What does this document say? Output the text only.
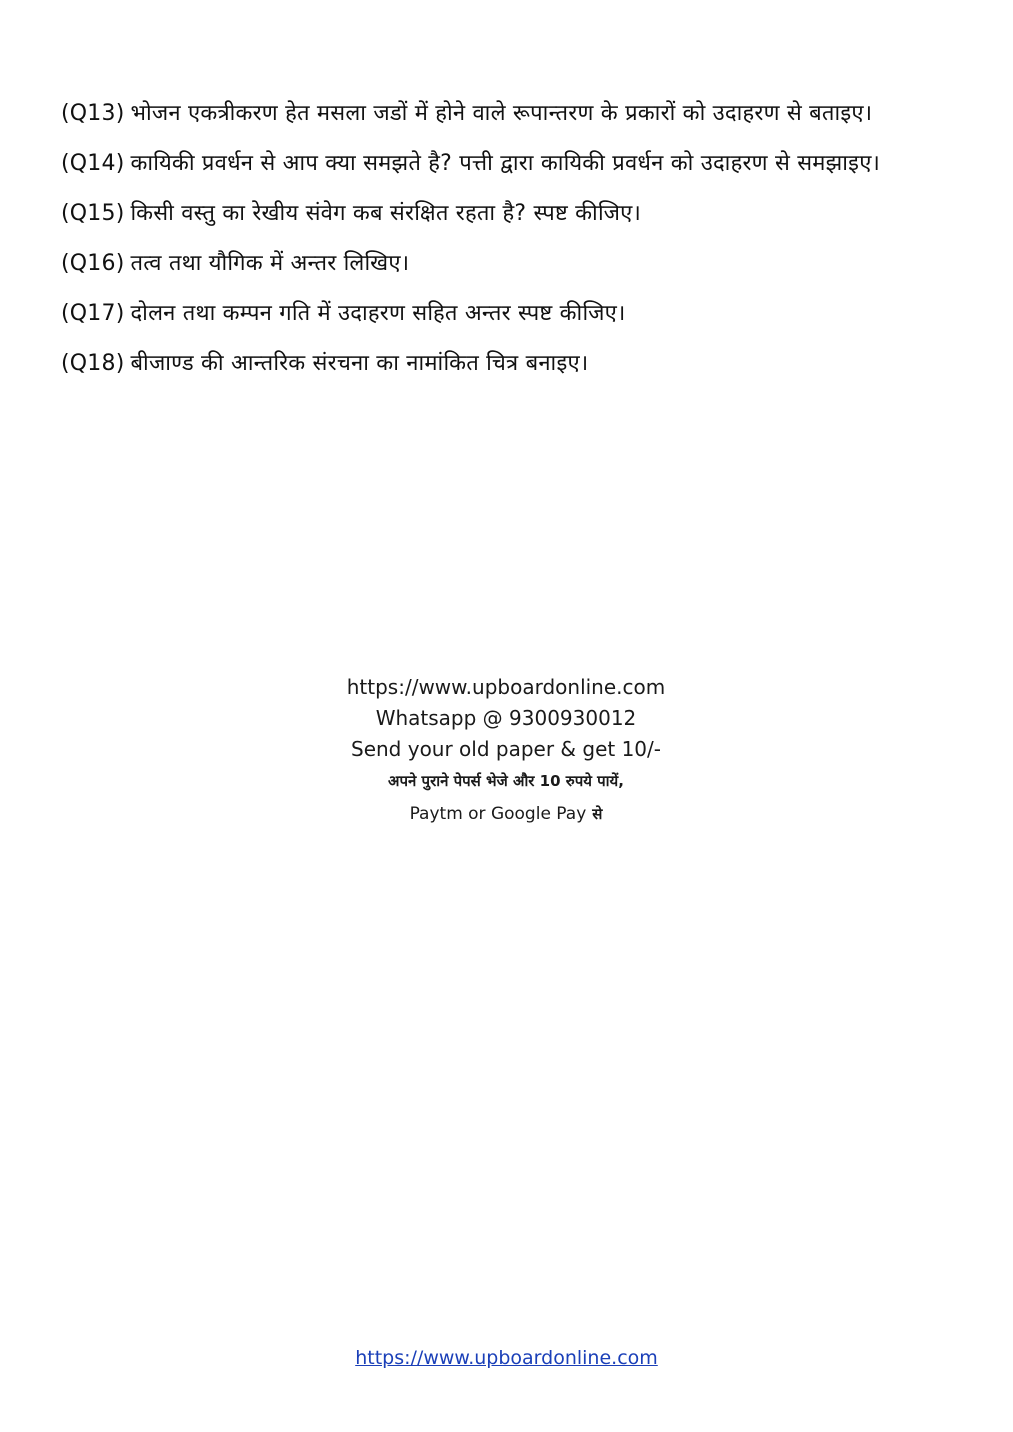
(Q13) भोजन एकत्रीकरण हेत मसला जडों में होने वाले रूपान्तरण के प्रकारों को उदाहरण से बताइए।

(Q14) कायिकी प्रवर्धन से आप क्या समझते है? पत्ती द्वारा कायिकी प्रवर्धन को उदाहरण से समझाइए।

(Q15) किसी वस्तु का रेखीय संवेग कब संरक्षित रहता है? स्पष्ट कीजिए।

(Q16) तत्व तथा यौगिक में अन्तर लिखिए।

(Q17) दोलन तथा कम्पन गति में उदाहरण सहित अन्तर स्पष्ट कीजिए।

(Q18) बीजाण्ड की आन्तरिक संरचना का नामांकित चित्र बनाइए।

https://www.upboardonline.com
Whatsapp @ 9300930012
Send your old paper & get 10/-
अपने पुराने पेपर्स भेजे और 10 रुपये पायें,
Paytm or Google Pay से
https://www.upboardonline.com
